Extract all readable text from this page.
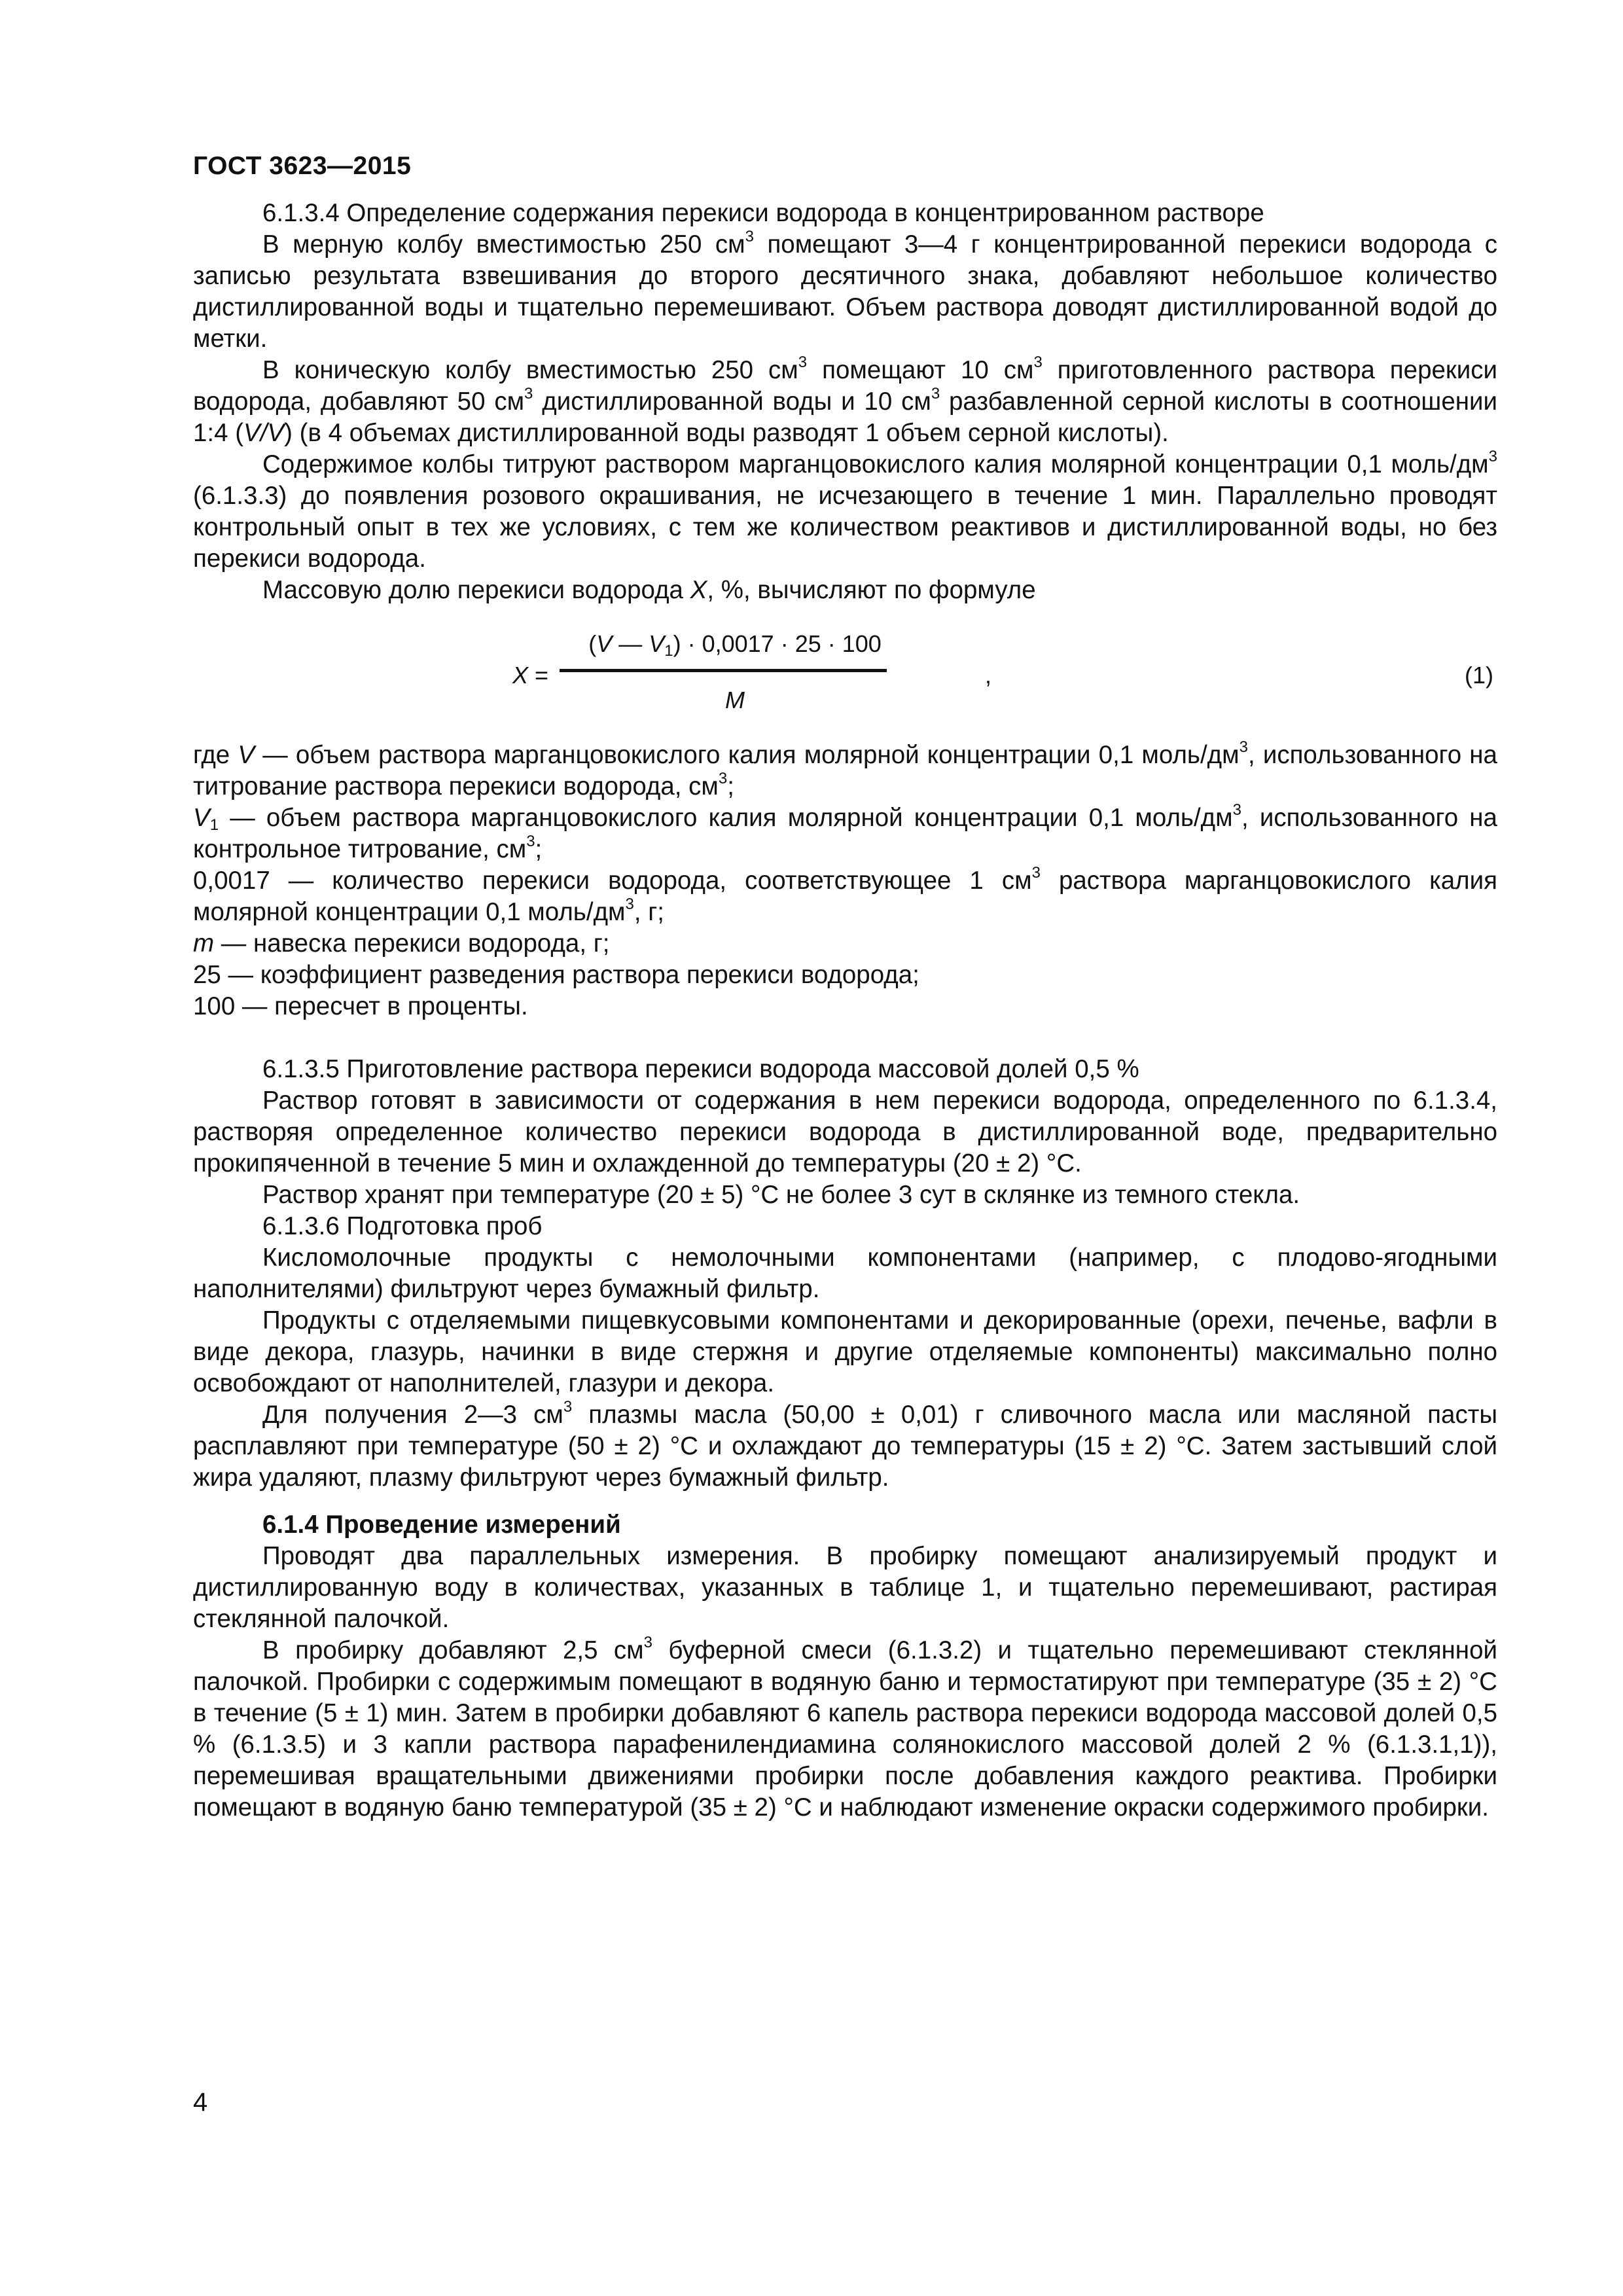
ГОСТ 3623—2015

6.1.3.4 Определение содержания перекиси водорода в концентрированном растворе

В мерную колбу вместимостью 250 $см^3$ помещают 3—4 г концентрированной перекиси водорода с записью результата взвешивания до второго десятичного знака, добавляют небольшое количество дистиллированной воды и тщательно перемешивают. Объем раствора доводят дистиллированной водой до метки.

В коническую колбу вместимостью 250 $см^3$ помещают 10 $см^3$ приготовленного раствора перекиси водорода, добавляют 50 $см^3$ дистиллированной воды и 10 $см^3$ разбавленной серной кислоты в соотношении 1:4 (V/V) (в 4 объемах дистиллированной воды разводят 1 объем серной кислоты).

Содержимое колбы титруют раствором марганцовокислого калия молярной концентрации 0,1 моль/$дм^3$ (6.1.3.3) до появления розового окрашивания, не исчезающего в течение 1 мин. Параллельно проводят контрольный опыт в тех же условиях, с тем же количеством реактивов и дистиллированной воды, но без перекиси водорода.

Массовую долю перекиси водорода X, %, вычисляют по формуле

X =
(V — $V_1) \cdot 0,0017 \cdot 25 \cdot 100$
M
,	(1)

где V — объем раствора марганцовокислого калия молярной концентрации 0,1 моль/$дм^3$, использованного на титрование раствора перекиси водорода, $см^3$;

$V_1$ — объем раствора марганцовокислого калия молярной концентрации 0,1 моль/$дм^3$, использованного на контрольное титрование, $см^3$;

0,0017 — количество перекиси водорода, соответствующее 1 $см^3$ раствора марганцовокислого калия молярной концентрации 0,1 моль/$дм^3$, г;

m — навеска перекиси водорода, г;

25 — коэффициент разведения раствора перекиси водорода;

100 — пересчет в проценты.

6.1.3.5 Приготовление раствора перекиси водорода массовой долей 0,5 %

Раствор готовят в зависимости от содержания в нем перекиси водорода, определенного по 6.1.3.4, растворяя определенное количество перекиси водорода в дистиллированной воде, предварительно прокипяченной в течение 5 мин и охлажденной до температуры (20 ± 2) °С.

Раствор хранят при температуре (20 ± 5) °С не более 3 сут в склянке из темного стекла.

6.1.3.6 Подготовка проб

Кисломолочные продукты с немолочными компонентами (например, с плодово-ягодными наполнителями) фильтруют через бумажный фильтр.

Продукты с отделяемыми пищевкусовыми компонентами и декорированные (орехи, печенье, вафли в виде декора, глазурь, начинки в виде стержня и другие отделяемые компоненты) максимально полно освобождают от наполнителей, глазури и декора.

Для получения 2—3 $см^3$ плазмы масла (50,00 ± 0,01) г сливочного масла или масляной пасты расплавляют при температуре (50 ± 2) °С и охлаждают до температуры (15 ± 2) °С. Затем застывший слой жира удаляют, плазму фильтруют через бумажный фильтр.

6.1.4 Проведение измерений

Проводят два параллельных измерения. В пробирку помещают анализируемый продукт и дистиллированную воду в количествах, указанных в таблице 1, и тщательно перемешивают, растирая стеклянной палочкой.

В пробирку добавляют 2,5 $см^3$ буферной смеси (6.1.3.2) и тщательно перемешивают стеклянной палочкой. Пробирки с содержимым помещают в водяную баню и термостатируют при температуре (35 ± 2) °С в течение (5 ± 1) мин. Затем в пробирки добавляют 6 капель раствора перекиси водорода массовой долей 0,5 % (6.1.3.5) и 3 капли раствора парафенилендиамина солянокислого массовой долей 2 % (6.1.3.1,1)), перемешивая вращательными движениями пробирки после добавления каждого реактива. Пробирки помещают в водяную баню температурой (35 ± 2) °С и наблюдают изменение окраски содержимого пробирки.

4
